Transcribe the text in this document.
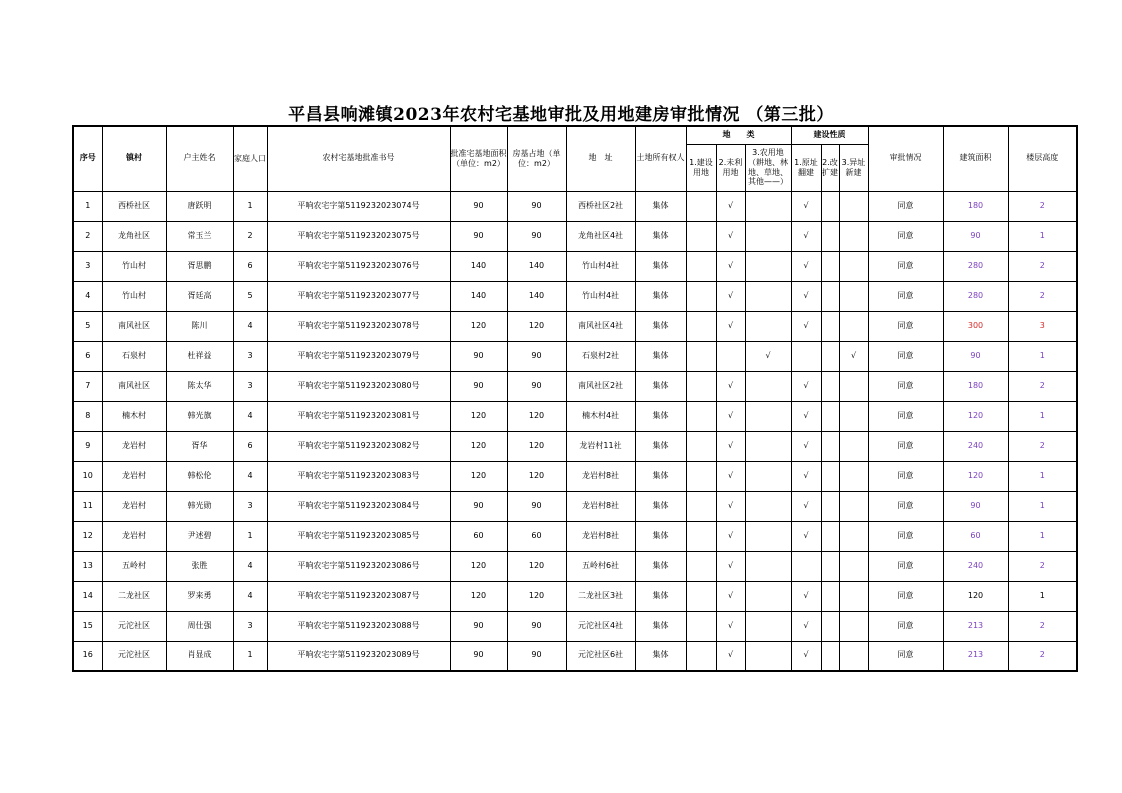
平昌县响滩镇2023年农村宅基地审批及用地建房审批情况 （第三批）
序号	镇村	户主姓名	家庭人口	农村宅基地批准书号	批准宅基地面积（单位：m2）	房基占地（单位：m2）	地　址	土地所有权人	地　　类			建设性质			审批情况	建筑面积	楼层高度
									1.建设用地	2.未利用地	3.农用地（耕地、林地、草地、其他——）	1.原址翻建	2.改扩建	3.异址新建			
1	西桥社区	唐跃明	1	平响农宅字第5119232023074号	90	90	西桥社区2社	集体		√		√			同意	180	2
2	龙角社区	常玉兰	2	平响农宅字第5119232023075号	90	90	龙角社区4社	集体		√		√			同意	90	1
3	竹山村	胥思鹏	6	平响农宅字第5119232023076号	140	140	竹山村4社	集体		√		√			同意	280	2
4	竹山村	胥廷高	5	平响农宅字第5119232023077号	140	140	竹山村4社	集体		√		√			同意	280	2
5	南风社区	陈川	4	平响农宅字第5119232023078号	120	120	南风社区4社	集体		√		√			同意	300	3
6	石泉村	杜祥益	3	平响农宅字第5119232023079号	90	90	石泉村2社	集体			√			√	同意	90	1
7	南风社区	陈太华	3	平响农宅字第5119232023080号	90	90	南风社区2社	集体		√		√			同意	180	2
8	楠木村	韩光旗	4	平响农宅字第5119232023081号	120	120	楠木村4社	集体		√		√			同意	120	1
9	龙岩村	胥华	6	平响农宅字第5119232023082号	120	120	龙岩村11社	集体		√		√			同意	240	2
10	龙岩村	韩松伦	4	平响农宅字第5119232023083号	120	120	龙岩村8社	集体		√		√			同意	120	1
11	龙岩村	韩光勋	3	平响农宅字第5119232023084号	90	90	龙岩村8社	集体		√		√			同意	90	1
12	龙岩村	尹述碧	1	平响农宅字第5119232023085号	60	60	龙岩村8社	集体		√		√			同意	60	1
13	五岭村	张胜	4	平响农宅字第5119232023086号	120	120	五岭村6社	集体		√					同意	240	2
14	二龙社区	罗来勇	4	平响农宅字第5119232023087号	120	120	二龙社区3社	集体		√		√			同意	120	1
15	元沱社区	周仕强	3	平响农宅字第5119232023088号	90	90	元沱社区4社	集体		√		√			同意	213	2
16	元沱社区	肖显成	1	平响农宅字第5119232023089号	90	90	元沱社区6社	集体		√		√			同意	213	2
